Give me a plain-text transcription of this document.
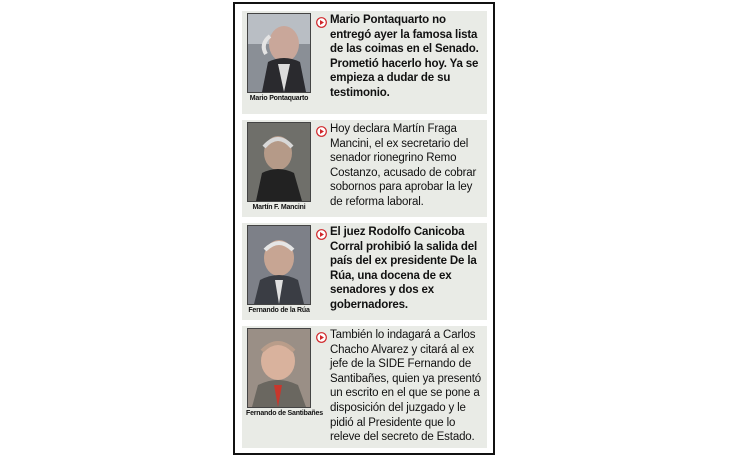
Mario Pontaquarto
Mario Pontaquarto no entregó ayer la famosa lista de las coimas en el Senado. Prometió hacerlo hoy. Ya se empieza a dudar de su testimonio.
Martín F. Mancini
Hoy declara Martín Fraga Mancini, el ex secretario del senador rionegrino Remo Costanzo, acusado de cobrar sobornos para aprobar la ley de reforma laboral.
Fernando de la Rúa
El juez Rodolfo Canicoba Corral prohibió la salida del país del ex presidente De la Rúa, una docena de ex senadores y dos ex gobernadores.
Fernando de Santibañes
También lo indagará a Carlos Chacho Alvarez y citará al ex jefe de la SIDE Fernando de Santibañes, quien ya presentó un escrito en el que se pone a disposición del juzgado y le pidió al Presidente que lo releve del secreto de Estado.
